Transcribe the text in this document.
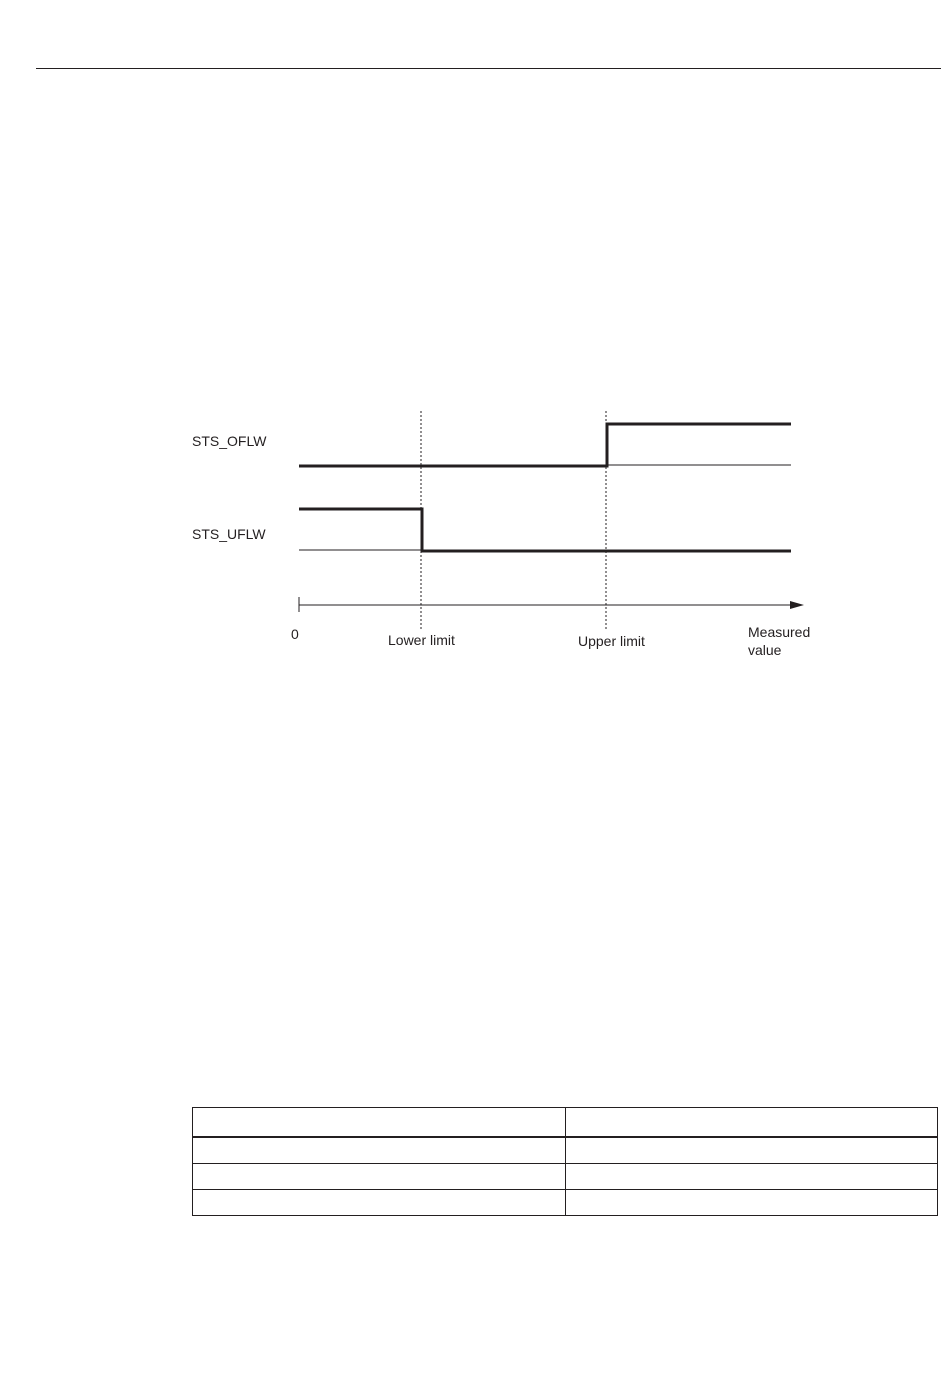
STS_OFLW
STS_UFLW
0	Lower limit	Upper limit
Measured
value
